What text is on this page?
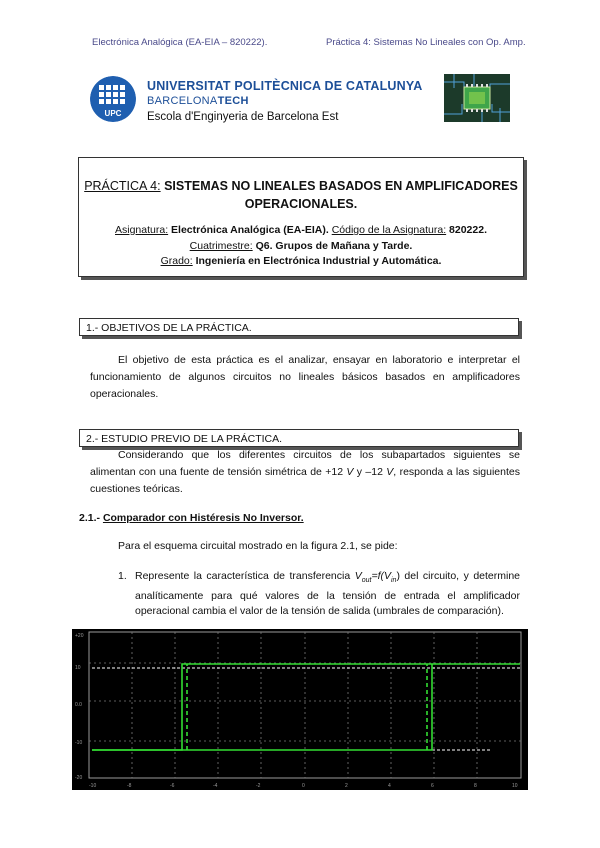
Electrónica Analógica (EA-EIA – 820222).	Práctica 4: Sistemas No Lineales con Op. Amp.
UPC
UNIVERSITAT POLITÈCNICA DE CATALUNYA
BARCELONATECH
Escola d'Enginyeria de Barcelona Est
PRÁCTICA 4: SISTEMAS NO LINEALES BASADOS EN AMPLIFICADORES
OPERACIONALES.
Asignatura: Electrónica Analógica (EA-EIA). Código de la Asignatura: 820222.
Cuatrimestre: Q6. Grupos de Mañana y Tarde.
Grado: Ingeniería en Electrónica Industrial y Automática.
1.- OBJETIVOS DE LA PRÁCTICA.
El objetivo de esta práctica es el analizar, ensayar en laboratorio e interpretar el funcionamiento de algunos circuitos no lineales básicos basados en amplificadores operacionales.
2.- ESTUDIO PREVIO DE LA PRÁCTICA.
Considerando que los diferentes circuitos de los subapartados siguientes se alimentan con una fuente de tensión simétrica de +12 V y –12 V, responda a las siguientes cuestiones teóricas.
2.1.- Comparador con Histéresis No Inversor.
Para el esquema circuital mostrado en la figura 2.1, se pide:
1. Represente la característica de transferencia $V_{out}=f(V_{in})$ del circuito, y determine analíticamente para qué valores de la tensión de entrada el amplificador operacional cambia el valor de la tensión de salida (umbrales de comparación).
+20
10
0.0
-10
-20
-10	-8	-6	-4	-2	0	2	4	6	8	10
